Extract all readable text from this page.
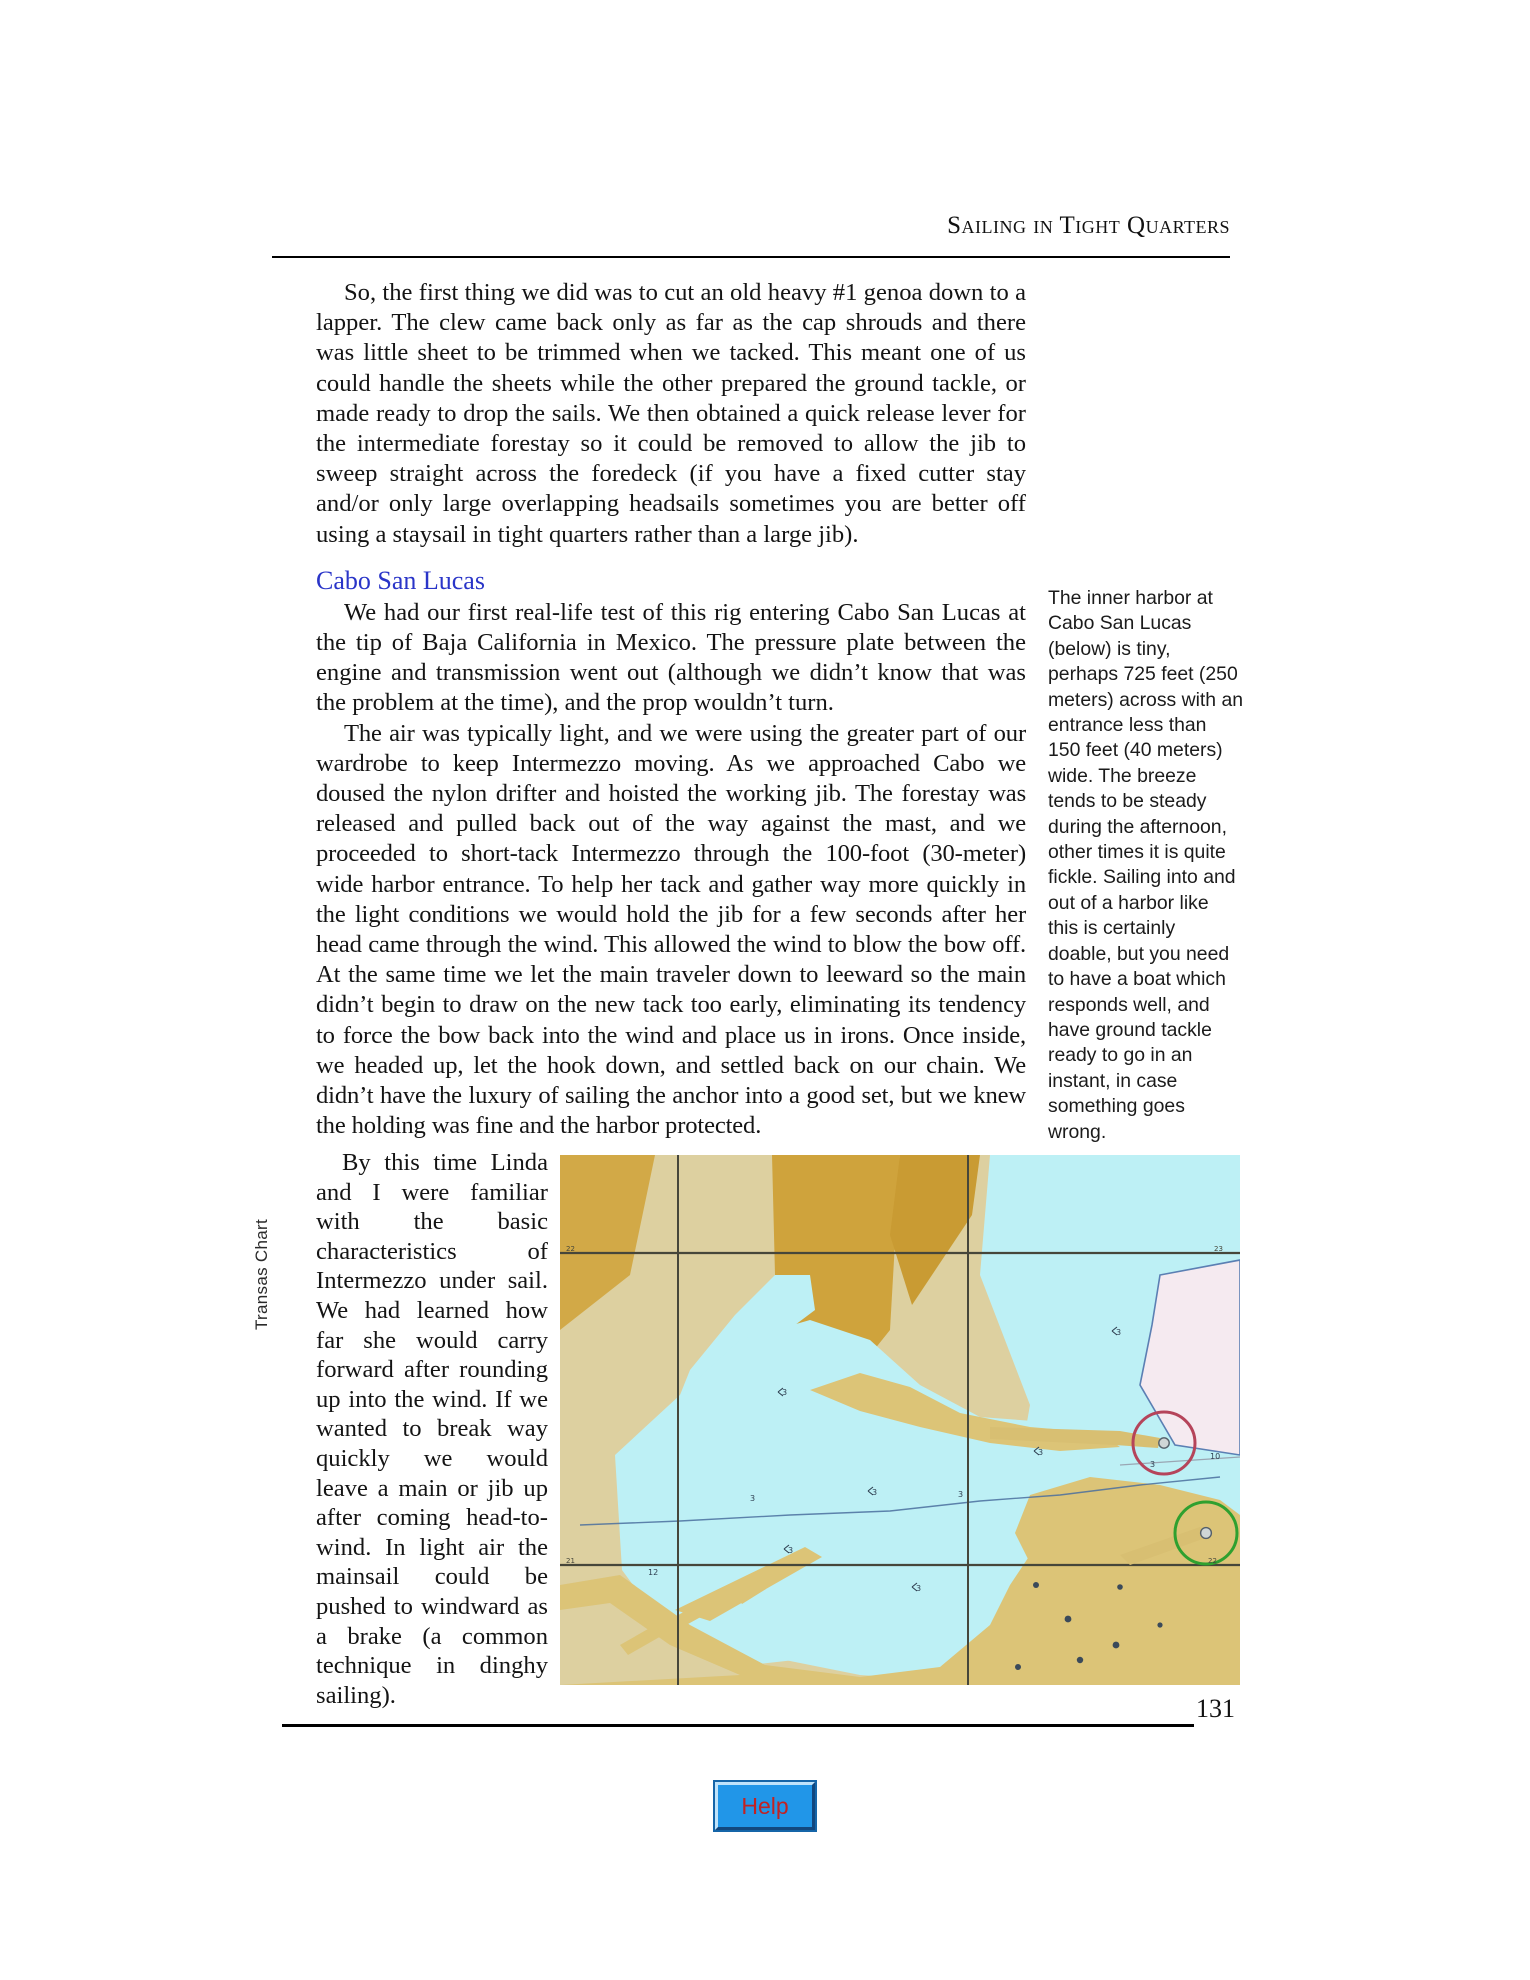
Sailing in Tight Quarters

So, the first thing we did was to cut an old heavy #1 genoa down to a lapper. The clew came back only as far as the cap shrouds and there was little sheet to be trimmed when we tacked. This meant one of us could handle the sheets while the other prepared the ground tackle, or made ready to drop the sails. We then obtained a quick release lever for the intermediate forestay so it could be removed to allow the jib to sweep straight across the foredeck (if you have a fixed cutter stay and/or only large overlapping headsails sometimes you are better off using a staysail in tight quarters rather than a large jib).

Cabo San Lucas

We had our first real-life test of this rig entering Cabo San Lucas at the tip of Baja California in Mexico. The pressure plate between the engine and transmission went out (although we didn’t know that was the problem at the time), and the prop wouldn’t turn.

The air was typically light, and we were using the greater part of our wardrobe to keep Intermezzo moving. As we approached Cabo we doused the nylon drifter and hoisted the working jib. The forestay was released and pulled back out of the way against the mast, and we proceeded to short-tack Intermezzo through the 100-foot (30-meter) wide harbor entrance. To help her tack and gather way more quickly in the light conditions we would hold the jib for a few seconds after her head came through the wind. This allowed the wind to blow the bow off. At the same time we let the main traveler down to leeward so the main didn’t begin to draw on the new tack too early, eliminating its tendency to force the bow back into the wind and place us in irons. Once inside, we headed up, let the hook down, and settled back on our chain. We didn’t have the luxury of sailing the anchor into a good set, but we knew the holding was fine and the harbor protected.

The inner harbor at Cabo San Lucas (below) is tiny, perhaps 725 feet (250 meters) across with an entrance less than 150 feet (40 meters) wide. The breeze tends to be steady during the afternoon, other times it is quite fickle. Sailing into and out of a harbor like this is certainly doable, but you need to have a boat which responds well, and have ground tackle ready to go in an instant, in case something goes wrong.
By this time Linda and I were familiar with the basic characteristics of Intermezzo under sail. We had learned how far she would carry forward after rounding up into the wind. If we wanted to break way quickly we would leave a main or jib up after coming head-to-wind. In light air the mainsail could be pushed to windward as a brake (a common technique in dinghy sailing).
Transas Chart
3
3	3
3
10
12
3
3
3
3
3
22	23
21	22
131
Help
